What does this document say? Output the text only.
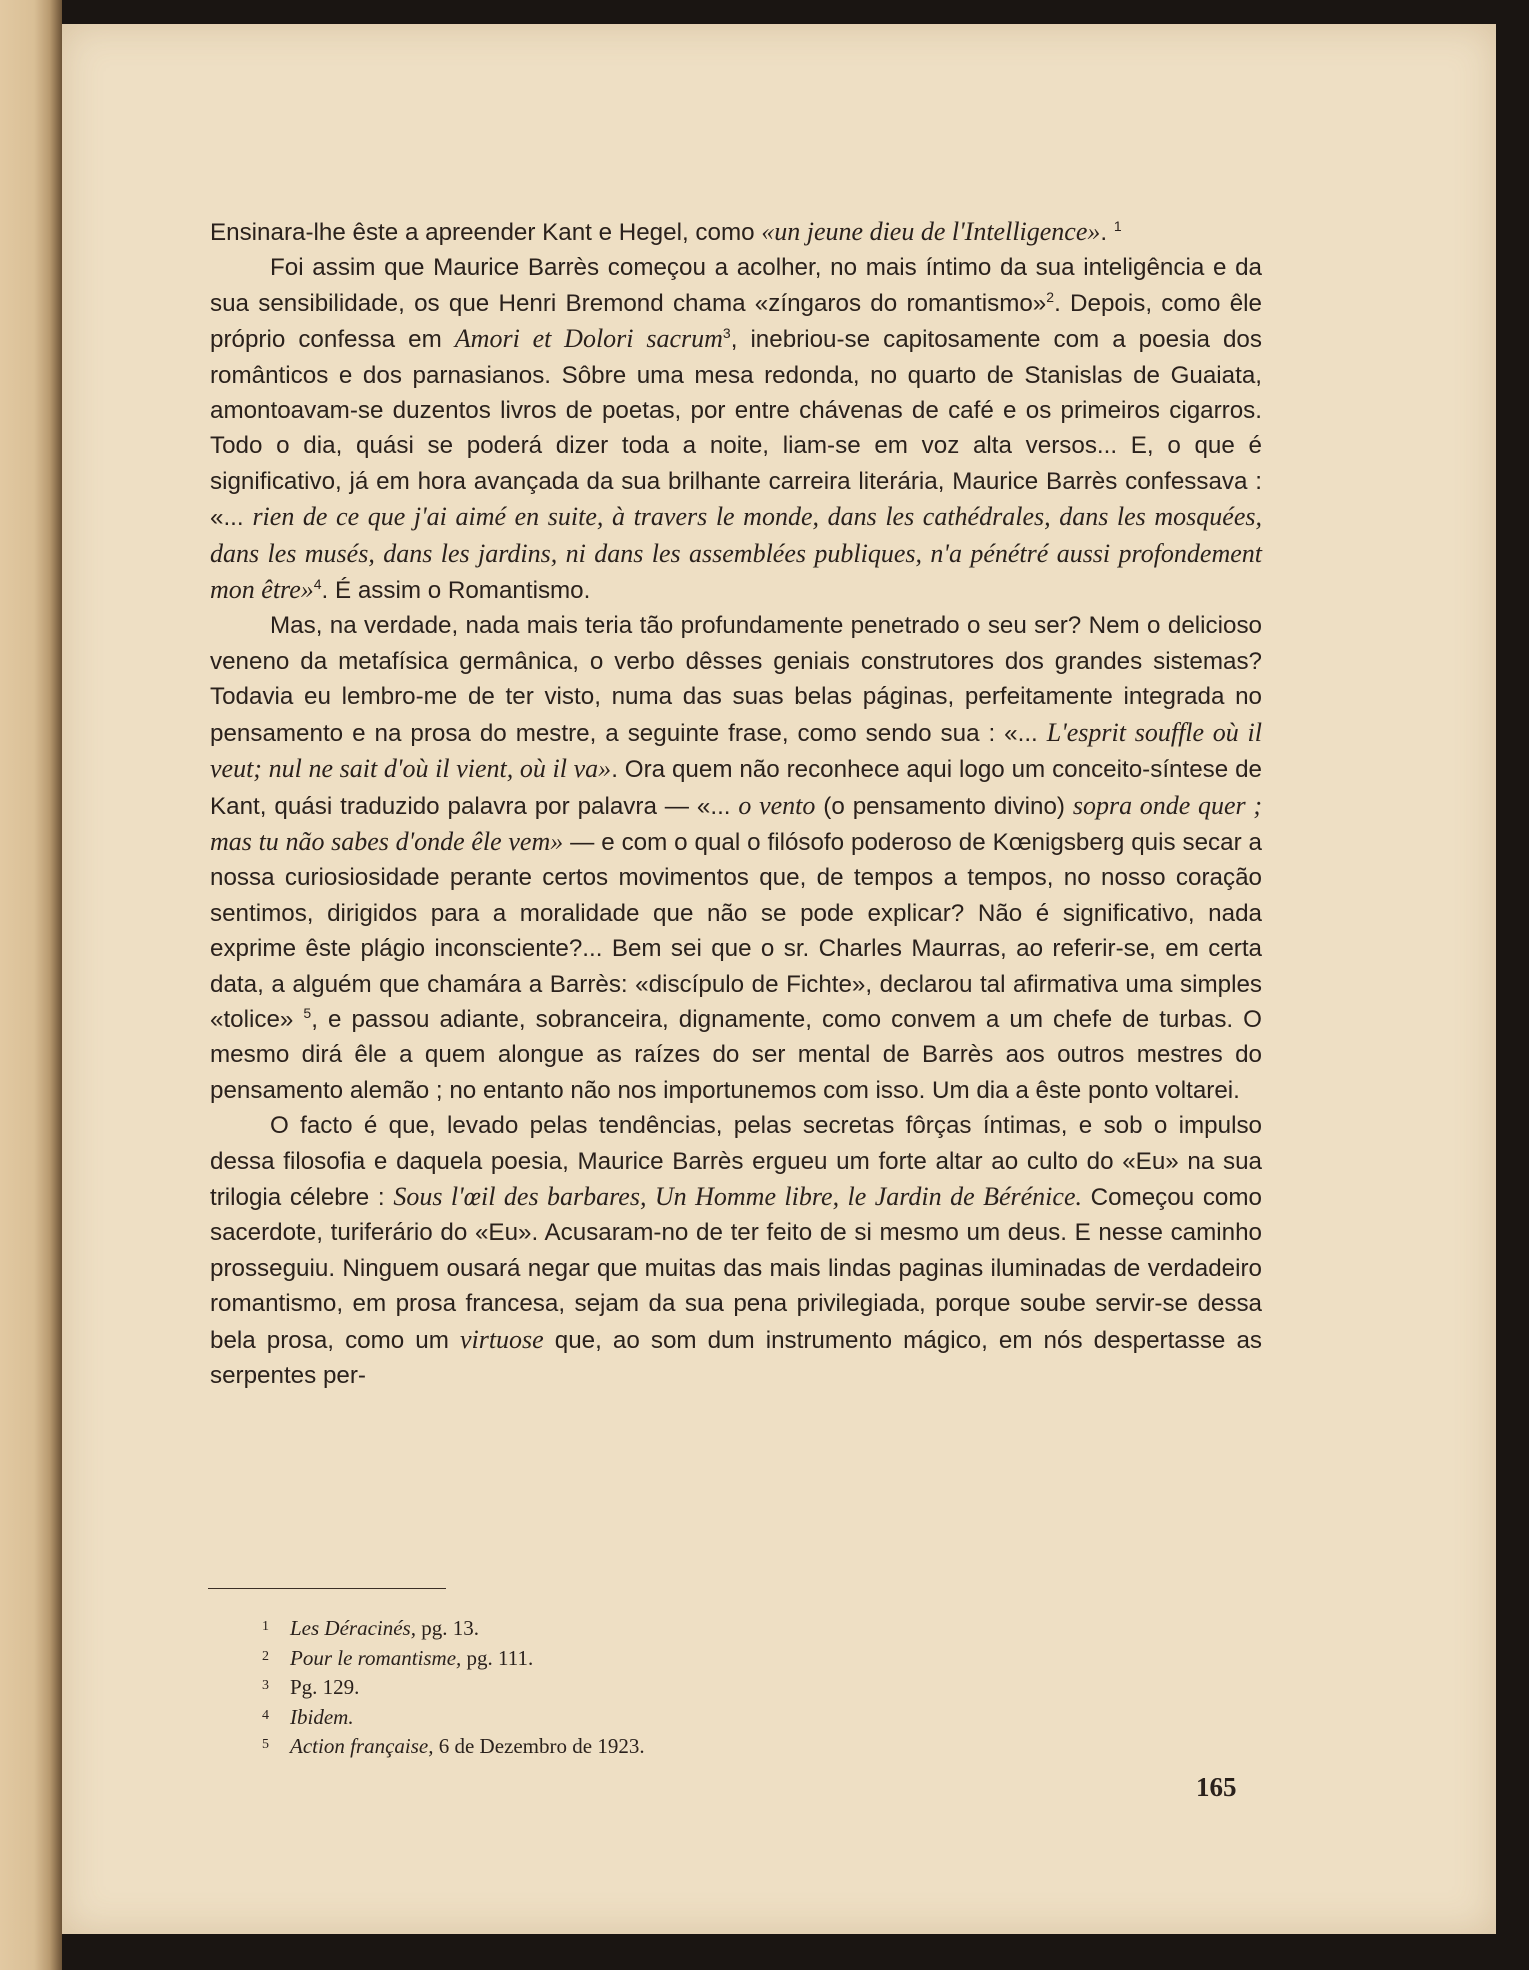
Ensinara-lhe êste a apreender Kant e Hegel, como «un jeune dieu de l'Intelligence». $^1$

Foi assim que Maurice Barrès começou a acolher, no mais íntimo da sua inteligência e da sua sensibilidade, os que Henri Bremond chama «zíngaros do romantismo»$^2$. Depois, como êle próprio confessa em Amori et Dolori sacrum$^3$, inebriou-se capitosamente com a poesia dos românticos e dos parnasianos. Sôbre uma mesa redonda, no quarto de Stanislas de Guaiata, amontoavam-se duzentos livros de poetas, por entre chávenas de café e os primeiros cigarros. Todo o dia, quási se poderá dizer toda a noite, liam-se em voz alta versos... E, o que é significativo, já em hora avançada da sua brilhante carreira literária, Maurice Barrès confessava : «... rien de ce que j'ai aimé en suite, à travers le monde, dans les cathédrales, dans les mosquées, dans les musés, dans les jardins, ni dans les assemblées publiques, n'a pénétré aussi profondement mon être»$^4$. É assim o Romantismo.

Mas, na verdade, nada mais teria tão profundamente penetrado o seu ser? Nem o delicioso veneno da metafísica germânica, o verbo dêsses geniais construtores dos grandes sistemas? Todavia eu lembro-me de ter visto, numa das suas belas páginas, perfeitamente integrada no pensamento e na prosa do mestre, a seguinte frase, como sendo sua : «... L'esprit souffle où il veut; nul ne sait d'où il vient, où il va». Ora quem não reconhece aqui logo um conceito-síntese de Kant, quási traduzido palavra por palavra — «... o vento (o pensamento divino) sopra onde quer ; mas tu não sabes d'onde êle vem» — e com o qual o filósofo poderoso de Kœnigsberg quis secar a nossa curiosiosidade perante certos movimentos que, de tempos a tempos, no nosso coração sentimos, dirigidos para a moralidade que não se pode explicar? Não é significativo, nada exprime êste plágio inconsciente?... Bem sei que o sr. Charles Maurras, ao referir-se, em certa data, a alguém que chamára a Barrès: «discípulo de Fichte», declarou tal afirmativa uma simples «tolice» $^5$, e passou adiante, sobranceira, dignamente, como convem a um chefe de turbas. O mesmo dirá êle a quem alongue as raízes do ser mental de Barrès aos outros mestres do pensamento alemão ; no entanto não nos importunemos com isso. Um dia a êste ponto voltarei.

O facto é que, levado pelas tendências, pelas secretas fôrças íntimas, e sob o impulso dessa filosofia e daquela poesia, Maurice Barrès ergueu um forte altar ao culto do «Eu» na sua trilogia célebre : Sous l'œil des barbares, Un Homme libre, le Jardin de Bérénice. Começou como sacerdote, turiferário do «Eu». Acusaram-no de ter feito de si mesmo um deus. E nesse caminho prosseguiu. Ninguem ousará negar que muitas das mais lindas paginas iluminadas de verdadeiro romantismo, em prosa francesa, sejam da sua pena privilegiada, porque soube servir-se dessa bela prosa, como um virtuose que, ao som dum instrumento mágico, em nós despertasse as serpentes per-

1 Les Déracinés, pg. 13.
2 Pour le romantisme, pg. 111.
3 Pg. 129.
4 Ibidem.
5 Action française, 6 de Dezembro de 1923.
165
